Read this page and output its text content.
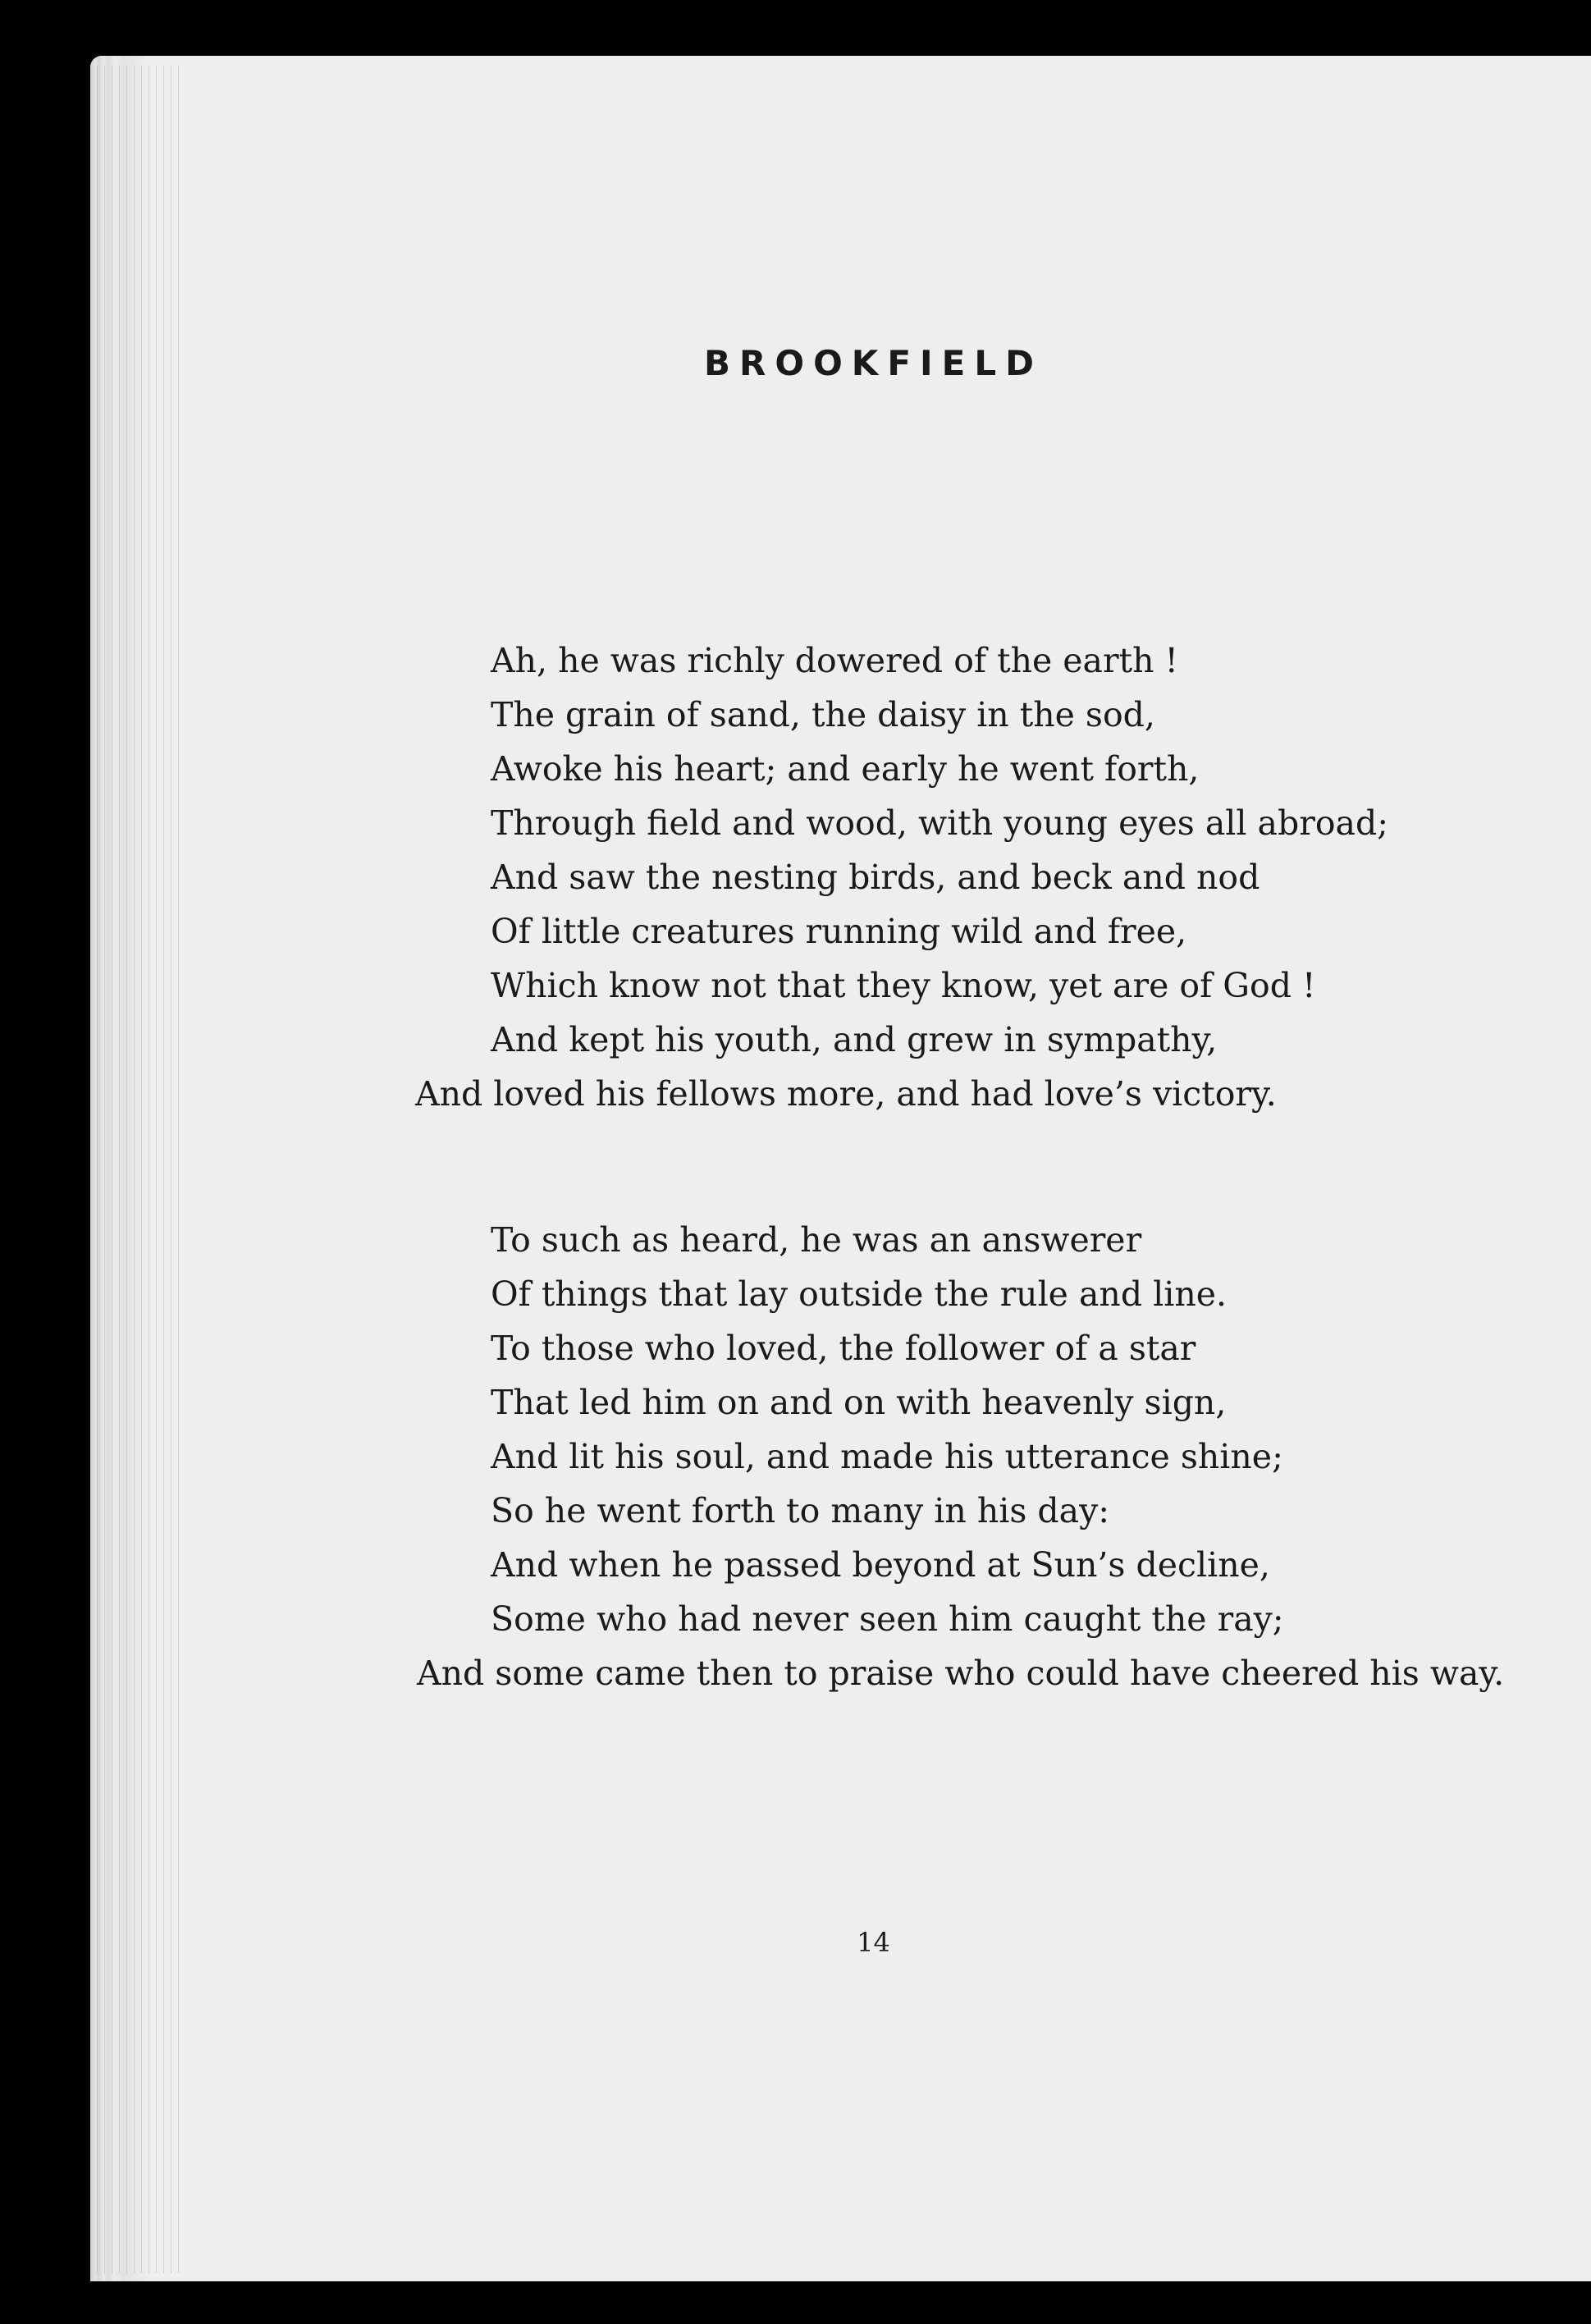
BROOKFIELD
Ah, he was richly dowered of the earth !
The grain of sand, the daisy in the sod,
Awoke his heart; and early he went forth,
Through field and wood, with young eyes all abroad;
And saw the nesting birds, and beck and nod
Of little creatures running wild and free,
Which know not that they know, yet are of God !
And kept his youth, and grew in sympathy,
And loved his fellows more, and had love’s victory.
To such as heard, he was an answerer
Of things that lay outside the rule and line.
To those who loved, the follower of a star
That led him on and on with heavenly sign,
And lit his soul, and made his utterance shine;
So he went forth to many in his day:
And when he passed beyond at Sun’s decline,
Some who had never seen him caught the ray;
And some came then to praise who could have cheered his way.
14
